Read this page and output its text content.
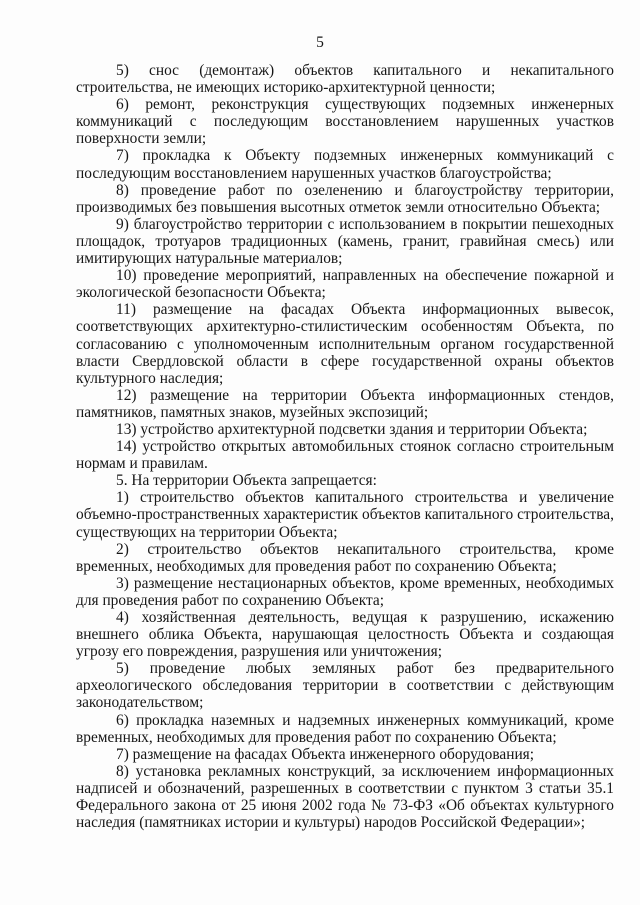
5

5) снос (демонтаж) объектов капитального и некапитального строительства, не имеющих историко-архитектурной ценности;

6) ремонт, реконструкция существующих подземных инженерных коммуникаций с последующим восстановлением нарушенных участков поверхности земли;

7) прокладка к Объекту подземных инженерных коммуникаций с последующим восстановлением нарушенных участков благоустройства;

8) проведение работ по озеленению и благоустройству территории, производимых без повышения высотных отметок земли относительно Объекта;

9) благоустройство территории с использованием в покрытии пешеходных площадок, тротуаров традиционных (камень, гранит, гравийная смесь) или имитирующих натуральные материалов;

10) проведение мероприятий, направленных на обеспечение пожарной и экологической безопасности Объекта;

11) размещение на фасадах Объекта информационных вывесок, соответствующих архитектурно-стилистическим особенностям Объекта, по согласованию с уполномоченным исполнительным органом государственной власти Свердловской области в сфере государственной охраны объектов культурного наследия;

12) размещение на территории Объекта информационных стендов, памятников, памятных знаков, музейных экспозиций;

13) устройство архитектурной подсветки здания и территории Объекта;

14) устройство открытых автомобильных стоянок согласно строительным нормам и правилам.

5. На территории Объекта запрещается:

1) строительство объектов капитального строительства и увеличение объемно-пространственных характеристик объектов капитального строительства, существующих на территории Объекта;

2) строительство объектов некапитального строительства, кроме временных, необходимых для проведения работ по сохранению Объекта;

3) размещение нестационарных объектов, кроме временных, необходимых для проведения работ по сохранению Объекта;

4) хозяйственная деятельность, ведущая к разрушению, искажению внешнего облика Объекта, нарушающая целостность Объекта и создающая угрозу его повреждения, разрушения или уничтожения;

5) проведение любых земляных работ без предварительного археологического обследования территории в соответствии с действующим законодательством;

6) прокладка наземных и надземных инженерных коммуникаций, кроме временных, необходимых для проведения работ по сохранению Объекта;

7) размещение на фасадах Объекта инженерного оборудования;

8) установка рекламных конструкций, за исключением информационных надписей и обозначений, разрешенных в соответствии с пунктом 3 статьи 35.1 Федерального закона от 25 июня 2002 года № 73-ФЗ «Об объектах культурного наследия (памятниках истории и культуры) народов Российской Федерации»;
